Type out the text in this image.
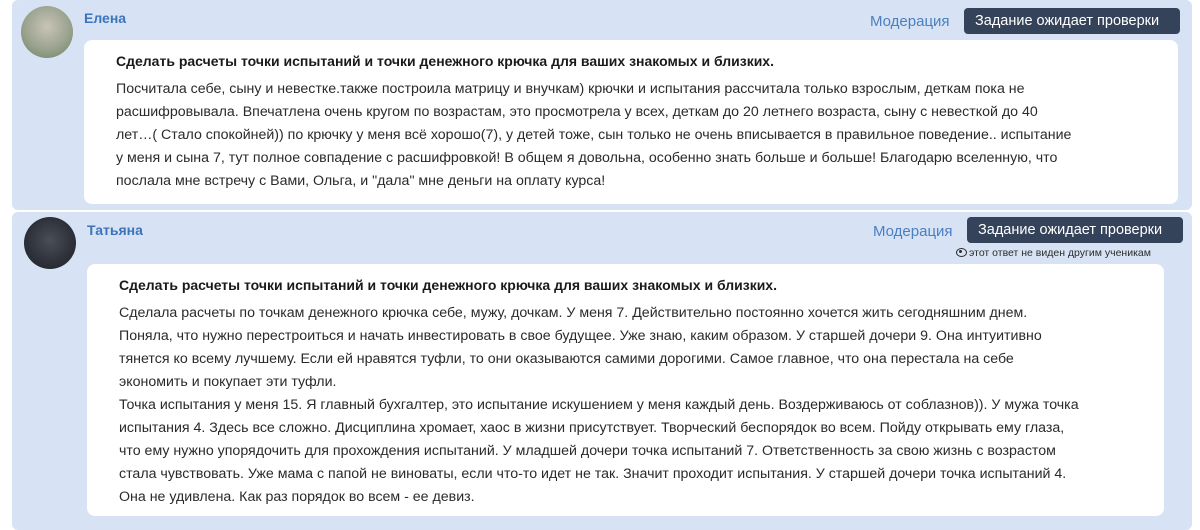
Елена	Модерация	Задание ожидает проверки
Сделать расчеты точки испытаний и точки денежного крючка для ваших знакомых и близких.
Посчитала себе, сыну и невестке.также построила матрицу и внучкам) крючки и испытания рассчитала только взрослым, деткам пока не
расшифровывала. Впечатлена очень кругом по возрастам, это просмотрела у всех, деткам до 20 летнего возраста, сыну с невесткой до 40
лет…( Стало спокойней)) по крючку у меня всё хорошо(7), у детей тоже, сын только не очень вписывается в правильное поведение.. испытание
у меня и сына 7, тут полное совпадение с расшифровкой! В общем я довольна, особенно знать больше и больше! Благодарю вселенную, что
послала мне встречу с Вами, Ольга, и "дала" мне деньги на оплату курса!
Татьяна	Модерация	Задание ожидает проверки
этот ответ не виден другим ученикам
Сделать расчеты точки испытаний и точки денежного крючка для ваших знакомых и близких.
Сделала расчеты по точкам денежного крючка себе, мужу, дочкам. У меня 7. Действительно постоянно хочется жить сегодняшним днем.
Поняла, что нужно перестроиться и начать инвестировать в свое будущее. Уже знаю, каким образом. У старшей дочери 9. Она интуитивно
тянется ко всему лучшему. Если ей нравятся туфли, то они оказываются самими дорогими. Самое главное, что она перестала на себе
экономить и покупает эти туфли.
Точка испытания у меня 15. Я главный бухгалтер, это испытание искушением у меня каждый день. Воздерживаюсь от соблазнов)). У мужа точка
испытания 4. Здесь все сложно. Дисциплина хромает, хаос в жизни присутствует. Творческий беспорядок во всем. Пойду открывать ему глаза,
что ему нужно упорядочить для прохождения испытаний. У младшей дочери точка испытаний 7. Ответственность за свою жизнь с возрастом
стала чувствовать. Уже мама с папой не виноваты, если что-то идет не так. Значит проходит испытания. У старшей дочери точка испытаний 4.
Она не удивлена. Как раз порядок во всем - ее девиз.
